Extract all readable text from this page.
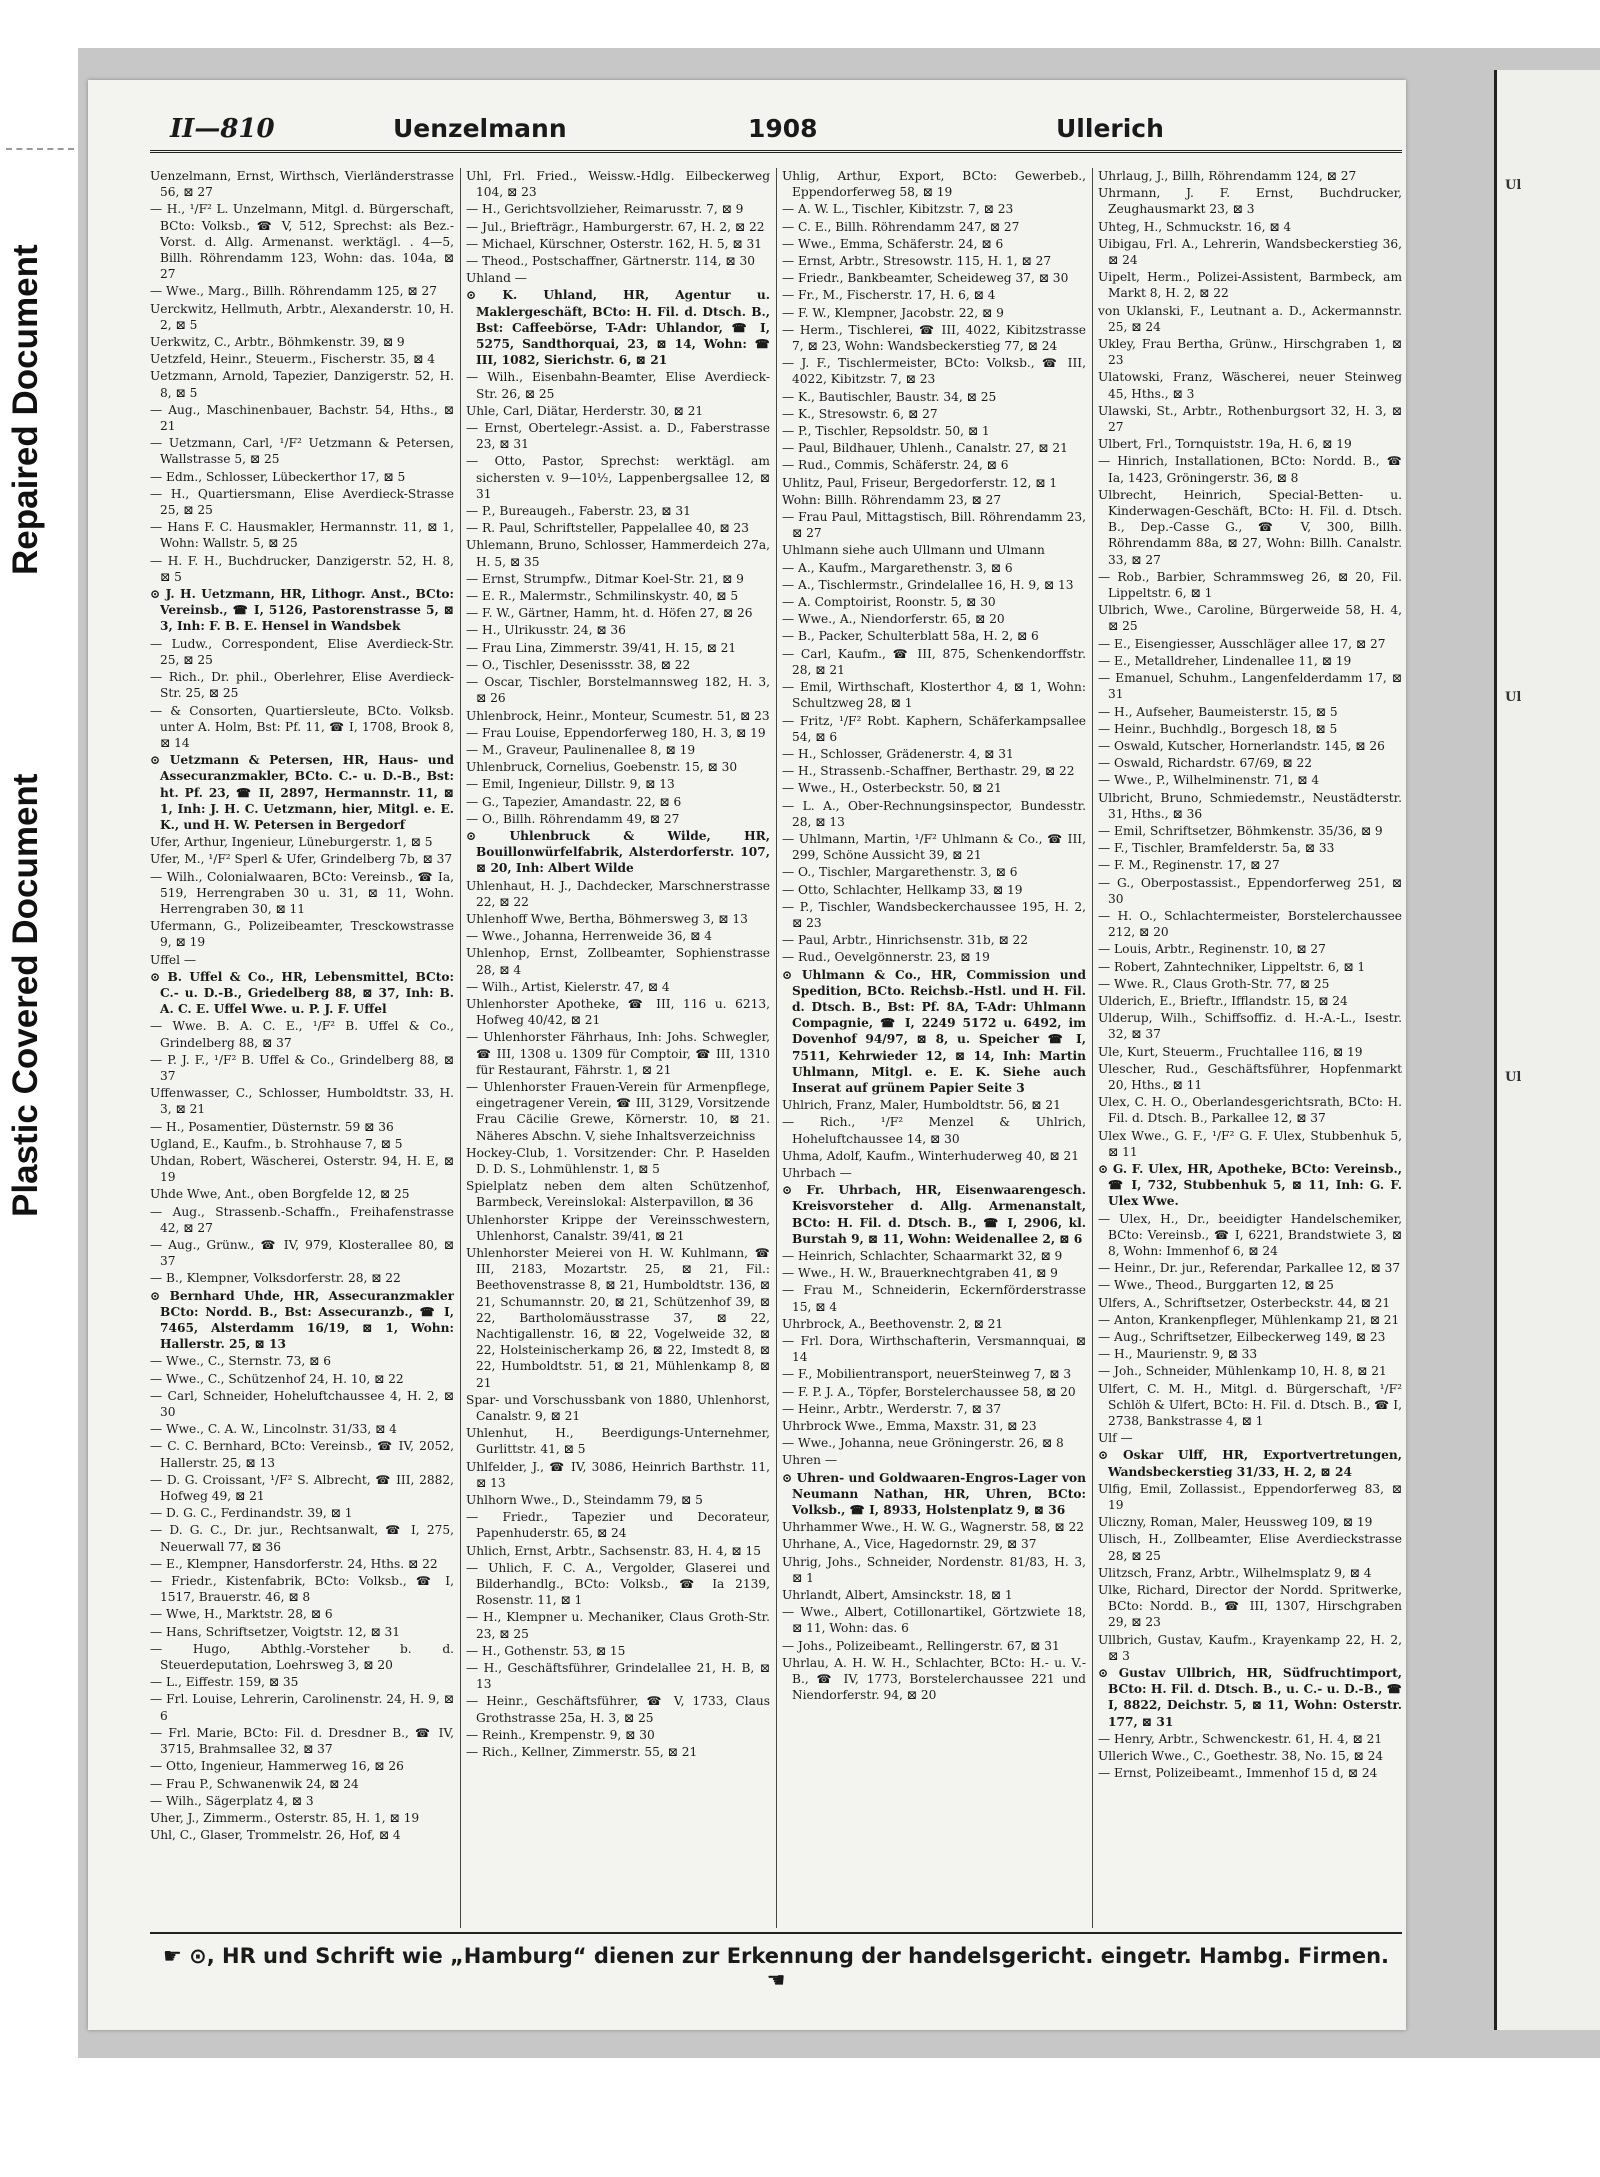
Repaired Document
Plastic Covered Document
Ul
Ul
Ul
II—810	Uenzelmann	1908	Ullerich

Uenzelmann, Ernst, Wirthsch, Vierländerstrasse 56, ⊠ 27

— H., ¹/F² L. Unzelmann, Mitgl. d. Bürgerschaft, BCto: Volksb., ☎ V, 512, Sprechst: als Bez.-Vorst. d. Allg. Armenanst. werktägl. . 4—5, Billh. Röhrendamm 123, Wohn: das. 104a, ⊠ 27

— Wwe., Marg., Billh. Röhrendamm 125, ⊠ 27

Uerckwitz, Hellmuth, Arbtr., Alexanderstr. 10, H. 2, ⊠ 5

Uerkwitz, C., Arbtr., Böhmkenstr. 39, ⊠ 9

Uetzfeld, Heinr., Steuerm., Fischerstr. 35, ⊠ 4

Uetzmann, Arnold, Tapezier, Danzigerstr. 52, H. 8, ⊠ 5

— Aug., Maschinenbauer, Bachstr. 54, Hths., ⊠ 21

— Uetzmann, Carl, ¹/F² Uetzmann & Petersen, Wallstrasse 5, ⊠ 25

— Edm., Schlosser, Lübeckerthor 17, ⊠ 5

— H., Quartiersmann, Elise Averdieck-Strasse 25, ⊠ 25

— Hans F. C. Hausmakler, Hermannstr. 11, ⊠ 1, Wohn: Wallstr. 5, ⊠ 25

— H. F. H., Buchdrucker, Danzigerstr. 52, H. 8, ⊠ 5

⊙ J. H. Uetzmann, HR, Lithogr. Anst., BCto: Vereinsb., ☎ I, 5126, Pastorenstrasse 5, ⊠ 3, Inh: F. B. E. Hensel in Wandsbek

— Ludw., Correspondent, Elise Averdieck-Str. 25, ⊠ 25

— Rich., Dr. phil., Oberlehrer, Elise Averdieck-Str. 25, ⊠ 25

— & Consorten, Quartiersleute, BCto. Volksb. unter A. Holm, Bst: Pf. 11, ☎ I, 1708, Brook 8, ⊠ 14

⊙ Uetzmann & Petersen, HR, Haus- und Assecuranzmakler, BCto. C.- u. D.-B., Bst: ht. Pf. 23, ☎ II, 2897, Hermannstr. 11, ⊠ 1, Inh: J. H. C. Uetzmann, hier, Mitgl. e. E. K., und H. W. Petersen in Bergedorf

Ufer, Arthur, Ingenieur, Lüneburgerstr. 1, ⊠ 5

Ufer, M., ¹/F² Sperl & Ufer, Grindelberg 7b, ⊠ 37

— Wilh., Colonialwaaren, BCto: Vereinsb., ☎ Ia, 519, Herrengraben 30 u. 31, ⊠ 11, Wohn. Herrengraben 30, ⊠ 11

Ufermann, G., Polizeibeamter, Tresckowstrasse 9, ⊠ 19

Uffel —

⊙ B. Uffel & Co., HR, Lebensmittel, BCto: C.- u. D.-B., Griedelberg 88, ⊠ 37, Inh: B. A. C. E. Uffel Wwe. u. P. J. F. Uffel

— Wwe. B. A. C. E., ¹/F² B. Uffel & Co., Grindelberg 88, ⊠ 37

— P. J. F., ¹/F² B. Uffel & Co., Grindelberg 88, ⊠ 37

Uffenwasser, C., Schlosser, Humboldtstr. 33, H. 3, ⊠ 21

— H., Posamentier, Düsternstr. 59 ⊠ 36

Ugland, E., Kaufm., b. Strohhause 7, ⊠ 5

Uhdan, Robert, Wäscherei, Osterstr. 94, H. E, ⊠ 19

Uhde Wwe, Ant., oben Borgfelde 12, ⊠ 25

— Aug., Strassenb.-Schaffn., Freihafenstrasse 42, ⊠ 27

— Aug., Grünw., ☎ IV, 979, Klosterallee 80, ⊠ 37

— B., Klempner, Volksdorferstr. 28, ⊠ 22

⊙ Bernhard Uhde, HR, Assecuranzmakler BCto: Nordd. B., Bst: Assecuranzb., ☎ I, 7465, Alsterdamm 16/19, ⊠ 1, Wohn: Hallerstr. 25, ⊠ 13

— Wwe., C., Sternstr. 73, ⊠ 6

— Wwe., C., Schützenhof 24, H. 10, ⊠ 22

— Carl, Schneider, Hoheluftchaussee 4, H. 2, ⊠ 30

— Wwe., C. A. W., Lincolnstr. 31/33, ⊠ 4

— C. C. Bernhard, BCto: Vereinsb., ☎ IV, 2052, Hallerstr. 25, ⊠ 13

— D. G. Croissant, ¹/F² S. Albrecht, ☎ III, 2882, Hofweg 49, ⊠ 21

— D. G. C., Ferdinandstr. 39, ⊠ 1

— D. G. C., Dr. jur., Rechtsanwalt, ☎ I, 275, Neuerwall 77, ⊠ 36

— E., Klempner, Hansdorferstr. 24, Hths. ⊠ 22

— Friedr., Kistenfabrik, BCto: Volksb., ☎ I, 1517, Brauerstr. 46, ⊠ 8

— Wwe, H., Marktstr. 28, ⊠ 6

— Hans, Schriftsetzer, Voigtstr. 12, ⊠ 31

— Hugo, Abthlg.-Vorsteher b. d. Steuerdeputation, Loehrsweg 3, ⊠ 20

— L., Eiffestr. 159, ⊠ 35

— Frl. Louise, Lehrerin, Carolinenstr. 24, H. 9, ⊠ 6

— Frl. Marie, BCto: Fil. d. Dresdner B., ☎ IV, 3715, Brahmsallee 32, ⊠ 37

— Otto, Ingenieur, Hammerweg 16, ⊠ 26

— Frau P., Schwanenwik 24, ⊠ 24

— Wilh., Sägerplatz 4, ⊠ 3

Uher, J., Zimmerm., Osterstr. 85, H. 1, ⊠ 19

Uhl, C., Glaser, Trommelstr. 26, Hof, ⊠ 4

Uhl, Frl. Fried., Weissw.-Hdlg. Eilbeckerweg 104, ⊠ 23

— H., Gerichtsvollzieher, Reimarusstr. 7, ⊠ 9

— Jul., Briefträgr., Hamburgerstr. 67, H. 2, ⊠ 22

— Michael, Kürschner, Osterstr. 162, H. 5, ⊠ 31

— Theod., Postschaffner, Gärtnerstr. 114, ⊠ 30

Uhland —

⊙ K. Uhland, HR, Agentur u. Maklergeschäft, BCto: H. Fil. d. Dtsch. B., Bst: Caffeebörse, T-Adr: Uhlandor, ☎ I, 5275, Sandthorquai, 23, ⊠ 14, Wohn: ☎ III, 1082, Sierichstr. 6, ⊠ 21

— Wilh., Eisenbahn-Beamter, Elise Averdieck-Str. 26, ⊠ 25

Uhle, Carl, Diätar, Herderstr. 30, ⊠ 21

— Ernst, Obertelegr.-Assist. a. D., Faberstrasse 23, ⊠ 31

— Otto, Pastor, Sprechst: werktägl. am sichersten v. 9—10½, Lappenbergsallee 12, ⊠ 31

— P., Bureaugeh., Faberstr. 23, ⊠ 31

— R. Paul, Schriftsteller, Pappelallee 40, ⊠ 23

Uhlemann, Bruno, Schlosser, Hammerdeich 27a, H. 5, ⊠ 35

— Ernst, Strumpfw., Ditmar Koel-Str. 21, ⊠ 9

— E. R., Malermstr., Schmilinskystr. 40, ⊠ 5

— F. W., Gärtner, Hamm, ht. d. Höfen 27, ⊠ 26

— H., Ulrikusstr. 24, ⊠ 36

— Frau Lina, Zimmerstr. 39/41, H. 15, ⊠ 21

— O., Tischler, Desenissstr. 38, ⊠ 22

— Oscar, Tischler, Borstelmannsweg 182, H. 3, ⊠ 26

Uhlenbrock, Heinr., Monteur, Scumestr. 51, ⊠ 23

— Frau Louise, Eppendorferweg 180, H. 3, ⊠ 19

— M., Graveur, Paulinenallee 8, ⊠ 19

Uhlenbruck, Cornelius, Goebenstr. 15, ⊠ 30

— Emil, Ingenieur, Dillstr. 9, ⊠ 13

— G., Tapezier, Amandastr. 22, ⊠ 6

— O., Billh. Röhrendamm 49, ⊠ 27

⊙ Uhlenbruck & Wilde, HR, Bouillonwürfelfabrik, Alsterdorferstr. 107, ⊠ 20, Inh: Albert Wilde

Uhlenhaut, H. J., Dachdecker, Marschnerstrasse 22, ⊠ 22

Uhlenhoff Wwe, Bertha, Böhmersweg 3, ⊠ 13

— Wwe., Johanna, Herrenweide 36, ⊠ 4

Uhlenhop, Ernst, Zollbeamter, Sophienstrasse 28, ⊠ 4

— Wilh., Artist, Kielerstr. 47, ⊠ 4

Uhlenhorster Apotheke, ☎ III, 116 u. 6213, Hofweg 40/42, ⊠ 21

— Uhlenhorster Fährhaus, Inh: Johs. Schwegler, ☎ III, 1308 u. 1309 für Comptoir, ☎ III, 1310 für Restaurant, Fährstr. 1, ⊠ 21

— Uhlenhorster Frauen-Verein für Armenpflege, eingetragener Verein, ☎ III, 3129, Vorsitzende Frau Cäcilie Grewe, Körnerstr. 10, ⊠ 21. Näheres Abschn. V, siehe Inhaltsverzeichniss

Hockey-Club, 1. Vorsitzender: Chr. P. Haselden D. D. S., Lohmühlenstr. 1, ⊠ 5

Spielplatz neben dem alten Schützenhof, Barmbeck, Vereinslokal: Alsterpavillon, ⊠ 36

Uhlenhorster Krippe der Vereinsschwestern, Uhlenhorst, Canalstr. 39/41, ⊠ 21

Uhlenhorster Meierei von H. W. Kuhlmann, ☎ III, 2183, Mozartstr. 25, ⊠ 21, Fil.: Beethovenstrasse 8, ⊠ 21, Humboldtstr. 136, ⊠ 21, Schumannstr. 20, ⊠ 21, Schützenhof 39, ⊠ 22, Bartholomäusstrasse 37, ⊠ 22, Nachtigallenstr. 16, ⊠ 22, Vogelweide 32, ⊠ 22, Holsteinischerkamp 26, ⊠ 22, Imstedt 8, ⊠ 22, Humboldtstr. 51, ⊠ 21, Mühlenkamp 8, ⊠ 21

Spar- und Vorschussbank von 1880, Uhlenhorst, Canalstr. 9, ⊠ 21

Uhlenhut, H., Beerdigungs-Unternehmer, Gurlittstr. 41, ⊠ 5

Uhlfelder, J., ☎ IV, 3086, Heinrich Barthstr. 11, ⊠ 13

Uhlhorn Wwe., D., Steindamm 79, ⊠ 5

— Friedr., Tapezier und Decorateur, Papenhuderstr. 65, ⊠ 24

Uhlich, Ernst, Arbtr., Sachsenstr. 83, H. 4, ⊠ 15

— Uhlich, F. C. A., Vergolder, Glaserei und Bilderhandlg., BCto: Volksb., ☎ Ia 2139, Rosenstr. 11, ⊠ 1

— H., Klempner u. Mechaniker, Claus Groth-Str. 23, ⊠ 25

— H., Gothenstr. 53, ⊠ 15

— H., Geschäftsführer, Grindelallee 21, H. B, ⊠ 13

— Heinr., Geschäftsführer, ☎ V, 1733, Claus Grothstrasse 25a, H. 3, ⊠ 25

— Reinh., Krempenstr. 9, ⊠ 30

— Rich., Kellner, Zimmerstr. 55, ⊠ 21

Uhlig, Arthur, Export, BCto: Gewerbeb., Eppendorferweg 58, ⊠ 19

— A. W. L., Tischler, Kibitzstr. 7, ⊠ 23

— C. E., Billh. Röhrendamm 247, ⊠ 27

— Wwe., Emma, Schäferstr. 24, ⊠ 6

— Ernst, Arbtr., Stresowstr. 115, H. 1, ⊠ 27

— Friedr., Bankbeamter, Scheideweg 37, ⊠ 30

— Fr., M., Fischerstr. 17, H. 6, ⊠ 4

— F. W., Klempner, Jacobstr. 22, ⊠ 9

— Herm., Tischlerei, ☎ III, 4022, Kibitzstrasse 7, ⊠ 23, Wohn: Wandsbeckerstieg 77, ⊠ 24

— J. F., Tischlermeister, BCto: Volksb., ☎ III, 4022, Kibitzstr. 7, ⊠ 23

— K., Bautischler, Baustr. 34, ⊠ 25

— K., Stresowstr. 6, ⊠ 27

— P., Tischler, Repsoldstr. 50, ⊠ 1

— Paul, Bildhauer, Uhlenh., Canalstr. 27, ⊠ 21

— Rud., Commis, Schäferstr. 24, ⊠ 6

Uhlitz, Paul, Friseur, Bergedorferstr. 12, ⊠ 1

Wohn: Billh. Röhrendamm 23, ⊠ 27

— Frau Paul, Mittagstisch, Bill. Röhrendamm 23, ⊠ 27

Uhlmann siehe auch Ullmann und Ulmann

— A., Kaufm., Margarethenstr. 3, ⊠ 6

— A., Tischlermstr., Grindelallee 16, H. 9, ⊠ 13

— A. Comptoirist, Roonstr. 5, ⊠ 30

— Wwe., A., Niendorferstr. 65, ⊠ 20

— B., Packer, Schulterblatt 58a, H. 2, ⊠ 6

— Carl, Kaufm., ☎ III, 875, Schenkendorffstr. 28, ⊠ 21

— Emil, Wirthschaft, Klosterthor 4, ⊠ 1, Wohn: Schultzweg 28, ⊠ 1

— Fritz, ¹/F² Robt. Kaphern, Schäferkampsallee 54, ⊠ 6

— H., Schlosser, Grädenerstr. 4, ⊠ 31

— H., Strassenb.-Schaffner, Berthastr. 29, ⊠ 22

— Wwe., H., Osterbeckstr. 50, ⊠ 21

— L. A., Ober-Rechnungsinspector, Bundesstr. 28, ⊠ 13

— Uhlmann, Martin, ¹/F² Uhlmann & Co., ☎ III, 299, Schöne Aussicht 39, ⊠ 21

— O., Tischler, Margarethenstr. 3, ⊠ 6

— Otto, Schlachter, Hellkamp 33, ⊠ 19

— P., Tischler, Wandsbeckerchaussee 195, H. 2, ⊠ 23

— Paul, Arbtr., Hinrichsenstr. 31b, ⊠ 22

— Rud., Oevelgönnerstr. 23, ⊠ 19

⊙ Uhlmann & Co., HR, Commission und Spedition, BCto. Reichsb.-Hstl. und H. Fil. d. Dtsch. B., Bst: Pf. 8A, T-Adr: Uhlmann Compagnie, ☎ I, 2249 5172 u. 6492, im Dovenhof 94/97, ⊠ 8, u. Speicher ☎ I, 7511, Kehrwieder 12, ⊠ 14, Inh: Martin Uhlmann, Mitgl. e. E. K. Siehe auch Inserat auf grünem Papier Seite 3

Uhlrich, Franz, Maler, Humboldtstr. 56, ⊠ 21

— Rich., ¹/F² Menzel & Uhlrich, Hoheluftchaussee 14, ⊠ 30

Uhma, Adolf, Kaufm., Winterhuderweg 40, ⊠ 21

Uhrbach —

⊙ Fr. Uhrbach, HR, Eisenwaarengesch. Kreisvorsteher d. Allg. Armenanstalt, BCto: H. Fil. d. Dtsch. B., ☎ I, 2906, kl. Burstah 9, ⊠ 11, Wohn: Weidenallee 2, ⊠ 6

— Heinrich, Schlachter, Schaarmarkt 32, ⊠ 9

— Wwe., H. W., Brauerknechtgraben 41, ⊠ 9

— Frau M., Schneiderin, Eckernförderstrasse 15, ⊠ 4

Uhrbrock, A., Beethovenstr. 2, ⊠ 21

— Frl. Dora, Wirthschafterin, Versmannquai, ⊠ 14

— F., Mobilientransport, neuerSteinweg 7, ⊠ 3

— F. P. J. A., Töpfer, Borstelerchaussee 58, ⊠ 20

— Heinr., Arbtr., Werderstr. 7, ⊠ 37

Uhrbrock Wwe., Emma, Maxstr. 31, ⊠ 23

— Wwe., Johanna, neue Gröningerstr. 26, ⊠ 8

Uhren —

⊙ Uhren- und Goldwaaren-Engros-Lager von Neumann Nathan, HR, Uhren, BCto: Volksb., ☎ I, 8933, Holstenplatz 9, ⊠ 36

Uhrhammer Wwe., H. W. G., Wagnerstr. 58, ⊠ 22

Uhrhane, A., Vice, Hagedornstr. 29, ⊠ 37

Uhrig, Johs., Schneider, Nordenstr. 81/83, H. 3, ⊠ 1

Uhrlandt, Albert, Amsinckstr. 18, ⊠ 1

— Wwe., Albert, Cotillonartikel, Görtzwiete 18, ⊠ 11, Wohn: das. 6

— Johs., Polizeibeamt., Rellingerstr. 67, ⊠ 31

Uhrlau, A. H. W. H., Schlachter, BCto: H.- u. V.-B., ☎ IV, 1773, Borstelerchaussee 221 und Niendorferstr. 94, ⊠ 20

Uhrlaug, J., Billh, Röhrendamm 124, ⊠ 27

Uhrmann, J. F. Ernst, Buchdrucker, Zeughausmarkt 23, ⊠ 3

Uhteg, H., Schmuckstr. 16, ⊠ 4

Uibigau, Frl. A., Lehrerin, Wandsbeckerstieg 36, ⊠ 24

Uipelt, Herm., Polizei-Assistent, Barmbeck, am Markt 8, H. 2, ⊠ 22

von Uklanski, F., Leutnant a. D., Ackermannstr. 25, ⊠ 24

Ukley, Frau Bertha, Grünw., Hirschgraben 1, ⊠ 23

Ulatowski, Franz, Wäscherei, neuer Steinweg 45, Hths., ⊠ 3

Ulawski, St., Arbtr., Rothenburgsort 32, H. 3, ⊠ 27

Ulbert, Frl., Tornquiststr. 19a, H. 6, ⊠ 19

— Hinrich, Installationen, BCto: Nordd. B., ☎ Ia, 1423, Gröningerstr. 36, ⊠ 8

Ulbrecht, Heinrich, Special-Betten- u. Kinderwagen-Geschäft, BCto: H. Fil. d. Dtsch. B., Dep.-Casse G., ☎ V, 300, Billh. Röhrendamm 88a, ⊠ 27, Wohn: Billh. Canalstr. 33, ⊠ 27

— Rob., Barbier, Schrammsweg 26, ⊠ 20, Fil. Lippeltstr. 6, ⊠ 1

Ulbrich, Wwe., Caroline, Bürgerweide 58, H. 4, ⊠ 25

— E., Eisengiesser, Ausschläger allee 17, ⊠ 27

— E., Metalldreher, Lindenallee 11, ⊠ 19

— Emanuel, Schuhm., Langenfelderdamm 17, ⊠ 31

— H., Aufseher, Baumeisterstr. 15, ⊠ 5

— Heinr., Buchhdlg., Borgesch 18, ⊠ 5

— Oswald, Kutscher, Hornerlandstr. 145, ⊠ 26

— Oswald, Richardstr. 67/69, ⊠ 22

— Wwe., P., Wilhelminenstr. 71, ⊠ 4

Ulbricht, Bruno, Schmiedemstr., Neustädterstr. 31, Hths., ⊠ 36

— Emil, Schriftsetzer, Böhmkenstr. 35/36, ⊠ 9

— F., Tischler, Bramfelderstr. 5a, ⊠ 33

— F. M., Reginenstr. 17, ⊠ 27

— G., Oberpostassist., Eppendorferweg 251, ⊠ 30

— H. O., Schlachtermeister, Borstelerchaussee 212, ⊠ 20

— Louis, Arbtr., Reginenstr. 10, ⊠ 27

— Robert, Zahntechniker, Lippeltstr. 6, ⊠ 1

— Wwe. R., Claus Groth-Str. 77, ⊠ 25

Ulderich, E., Brieftr., Ifflandstr. 15, ⊠ 24

Ulderup, Wilh., Schiffsoffiz. d. H.-A.-L., Isestr. 32, ⊠ 37

Ule, Kurt, Steuerm., Fruchtallee 116, ⊠ 19

Ulescher, Rud., Geschäftsführer, Hopfenmarkt 20, Hths., ⊠ 11

Ulex, C. H. O., Oberlandesgerichtsrath, BCto: H. Fil. d. Dtsch. B., Parkallee 12, ⊠ 37

Ulex Wwe., G. F., ¹/F² G. F. Ulex, Stubbenhuk 5, ⊠ 11

⊙ G. F. Ulex, HR, Apotheke, BCto: Vereinsb., ☎ I, 732, Stubbenhuk 5, ⊠ 11, Inh: G. F. Ulex Wwe.

— Ulex, H., Dr., beeidigter Handelschemiker, BCto: Vereinsb., ☎ I, 6221, Brandstwiete 3, ⊠ 8, Wohn: Immenhof 6, ⊠ 24

— Heinr., Dr. jur., Referendar, Parkallee 12, ⊠ 37

— Wwe., Theod., Burggarten 12, ⊠ 25

Ulfers, A., Schriftsetzer, Osterbeckstr. 44, ⊠ 21

— Anton, Krankenpfleger, Mühlenkamp 21, ⊠ 21

— Aug., Schriftsetzer, Eilbeckerweg 149, ⊠ 23

— H., Maurienstr. 9, ⊠ 33

— Joh., Schneider, Mühlenkamp 10, H. 8, ⊠ 21

Ulfert, C. M. H., Mitgl. d. Bürgerschaft, ¹/F² Schlöh & Ulfert, BCto: H. Fil. d. Dtsch. B., ☎ I, 2738, Bankstrasse 4, ⊠ 1

Ulf —

⊙ Oskar Ulff, HR, Exportvertretungen, Wandsbeckerstieg 31/33, H. 2, ⊠ 24

Ulfig, Emil, Zollassist., Eppendorferweg 83, ⊠ 19

Uliczny, Roman, Maler, Heussweg 109, ⊠ 19

Ulisch, H., Zollbeamter, Elise Averdieckstrasse 28, ⊠ 25

Ulitzsch, Franz, Arbtr., Wilhelmsplatz 9, ⊠ 4

Ulke, Richard, Director der Nordd. Spritwerke, BCto: Nordd. B., ☎ III, 1307, Hirschgraben 29, ⊠ 23

Ullbrich, Gustav, Kaufm., Krayenkamp 22, H. 2, ⊠ 3

⊙ Gustav Ullbrich, HR, Südfruchtimport, BCto: H. Fil. d. Dtsch. B., u. C.- u. D.-B., ☎ I, 8822, Deichstr. 5, ⊠ 11, Wohn: Osterstr. 177, ⊠ 31

— Henry, Arbtr., Schwenckestr. 61, H. 4, ⊠ 21

Ullerich Wwe., C., Goethestr. 38, No. 15, ⊠ 24

— Ernst, Polizeibeamt., Immenhof 15 d, ⊠ 24

☛ ⊙, HR und Schrift wie „Hamburg“ dienen zur Erkennung der handelsgericht. eingetr. Hambg. Firmen. ☚
